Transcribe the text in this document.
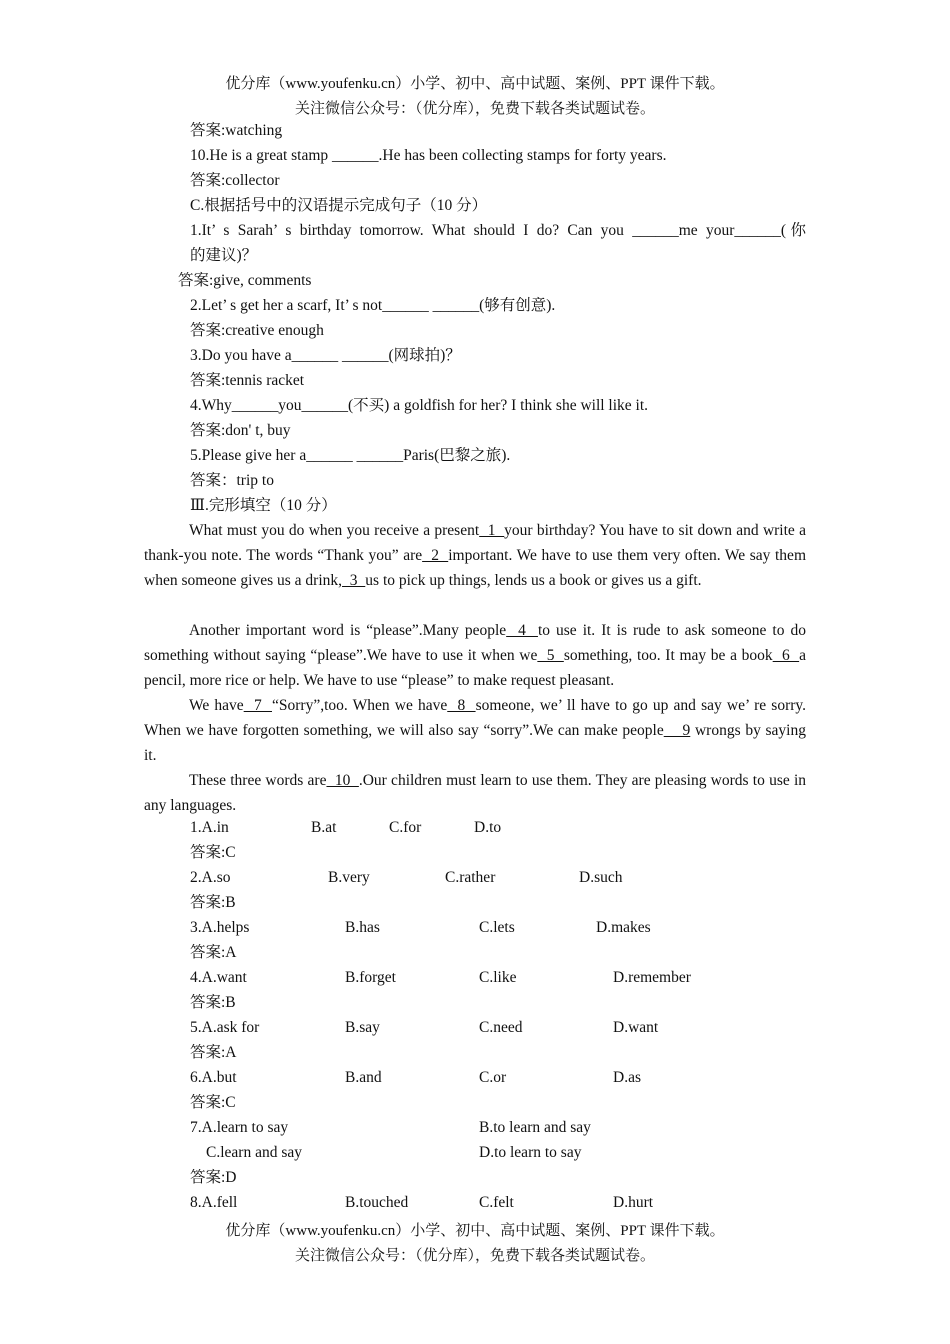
优分库（www.youfenku.cn）小学、初中、高中试题、案例、PPT 课件下载。
关注微信公众号：（优分库），免费下载各类试题试卷。
答案:watching
10.He is a great stamp ______.He has been collecting stamps for forty years.
答案:collector
C.根据括号中的汉语提示完成句子（10 分）
1.It’ s Sarah’ s birthday tomorrow. What should I do? Can you ______me your______(你
的建议)？
答案:give, comments
2.Let’ s get her a scarf, It’ s not______ ______(够有创意).
答案:creative enough
3.Do you have a______ ______(网球拍)？
答案:tennis racket
4.Why______you______(不买) a goldfish for her? I think she will like it.
答案:don' t, buy
5.Please give her a______ ______Paris(巴黎之旅).
答案：trip to
Ⅲ.完形填空（10 分）
What must you do when you receive a present  1  your birthday? You have to sit down and write a thank-you note. The words “Thank you” are  2  important. We have to use them very often. We say them when someone gives us a drink,  3  us to pick up things, lends us a book or gives us a gift.
Another important word is “please”.Many people  4  to use it. It is rude to ask someone to do something without saying “please”.We have to use it when we  5  something, too. It may be a book  6  a pencil, more rice or help. We have to use “please” to make request pleasant.
We have  7  “Sorry”,too. When we have  8  someone, we’ ll have to go up and say we’ re sorry. When we have forgotten something, we will also say “sorry”.We can make people    9 wrongs by saying it.
These three words are  10  .Our children must learn to use them. They are pleasing words to use in any languages.
1.A.in	B.at	C.for	D.to
答案:C
2.A.so	B.very	C.rather	D.such
答案:B
3.A.helps	B.has	C.lets	D.makes
答案:A
4.A.want	B.forget	C.like	D.remember
答案:B
5.A.ask for	B.say	C.need	D.want
答案:A
6.A.but	B.and	C.or	D.as
答案:C
7.A.learn to say	B.to learn and say
C.learn and say	D.to learn to say
答案:D
8.A.fell	B.touched	C.felt	D.hurt
优分库（www.youfenku.cn）小学、初中、高中试题、案例、PPT 课件下载。
关注微信公众号：（优分库），免费下载各类试题试卷。
